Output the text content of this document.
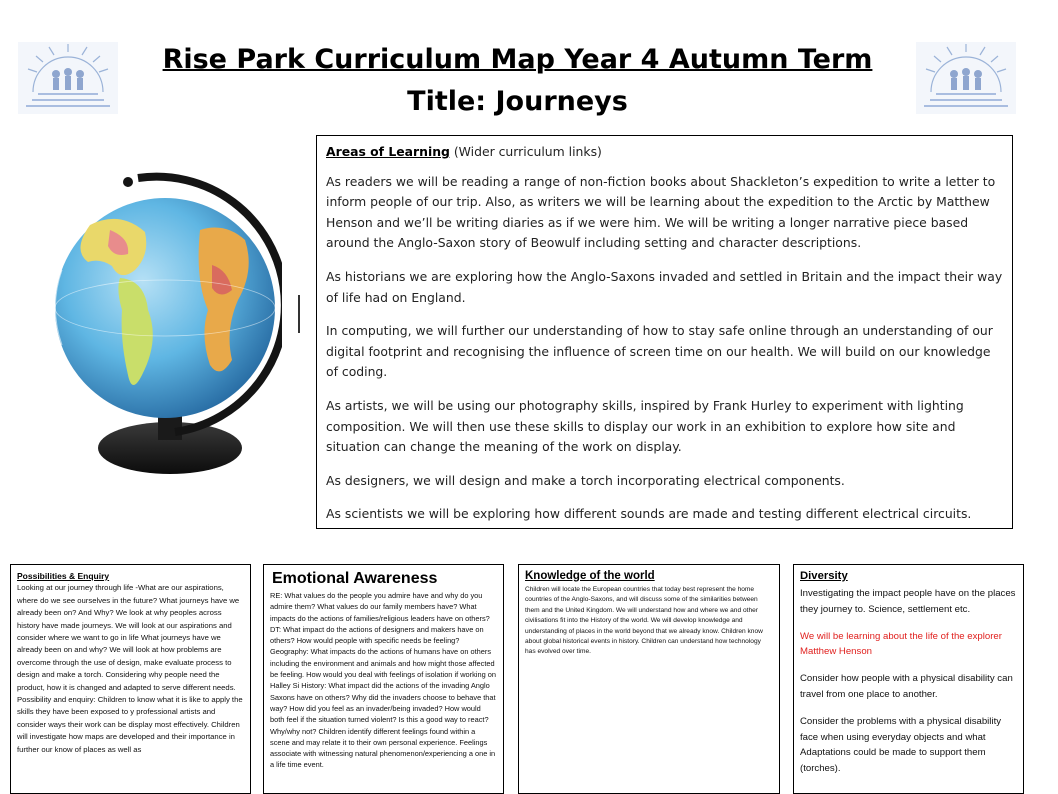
Rise Park Curriculum Map Year 4 Autumn Term
Title: Journeys
Areas of Learning (Wider curriculum links)

As readers we will be reading a range of non-fiction books about Shackleton’s expedition to write a letter to inform people of our trip. Also, as writers we will be learning about the expedition to the Arctic by Matthew Henson and we’ll be writing diaries as if we were him. We will be writing a longer narrative piece based around the Anglo-Saxon story of Beowulf including setting and character descriptions.

As historians we are exploring how the Anglo-Saxons invaded and settled in Britain and the impact their way of life had on England.

In computing, we will further our understanding of how to stay safe online through an understanding of our digital footprint and recognising the influence of screen time on our health. We will build on our knowledge of coding.

As artists, we will be using our photography skills, inspired by Frank Hurley to experiment with lighting composition. We will then use these skills to display our work in an exhibition to explore how site and situation can change the meaning of the work on display.

As designers, we will design and make a torch incorporating electrical components.

As scientists we will be exploring how different sounds are made and testing different electrical circuits.

Possibilities & Enquiry
Looking at our journey through life -What are our aspirations, where do we see ourselves in the future? What journeys have we already been on? And Why? We look at why peoples across history have made journeys. We will look at our aspirations and consider where we want to go in life What journeys have we already been on and why? We will look at how problems are overcome through the use of design, make evaluate process to design and make a torch. Considering why people need the product, how it is changed and adapted to serve different needs. Possibility and enquiry: Children to know what it is like to apply the skills they have been exposed to y professional artists and consider ways their work can be display most effectively. Children will investigate how maps are developed and their importance in further our know of places as well as
Emotional Awareness
RE: What values do the people you admire have and why do you admire them? What values do our family members have? What impacts do the actions of families/religious leaders have on others? DT: What impact do the actions of designers and makers have on others? How would people with specific needs be feeling? Geography: What impacts do the actions of humans have on others including the environment and animals and how might those affected be feeling. How would you deal with feelings of isolation if working on Halley Si History: What impact did the actions of the invading Anglo Saxons have on others? Why did the invaders choose to behave that way? How did you feel as an invader/being invaded? How would both feel if the situation turned violent? Is this a good way to react? Why/why not? Children identify different feelings found within a scene and may relate it to their own personal experience. Feelings associate with witnessing natural phenomenon/experiencing a one in a life time event.
Knowledge of the world
Children will locate the European countries that today best represent the home countries of the Anglo-Saxons, and will discuss some of the similarities between them and the United Kingdom. We will understand how and where we and other civilisations fit into the History of the world. We will develop knowledge and understanding of places in the world beyond that we already know. Children know about global historical events in history. Children can understand how technology has evolved over time.
Diversity

Investigating the impact people have on the places they journey to. Science, settlement etc.

We will be learning about the life of the explorer Matthew Henson

Consider how people with a physical disability can travel from one place to another.

Consider the problems with a physical disability face when using everyday objects and what Adaptations could be made to support them (torches).
